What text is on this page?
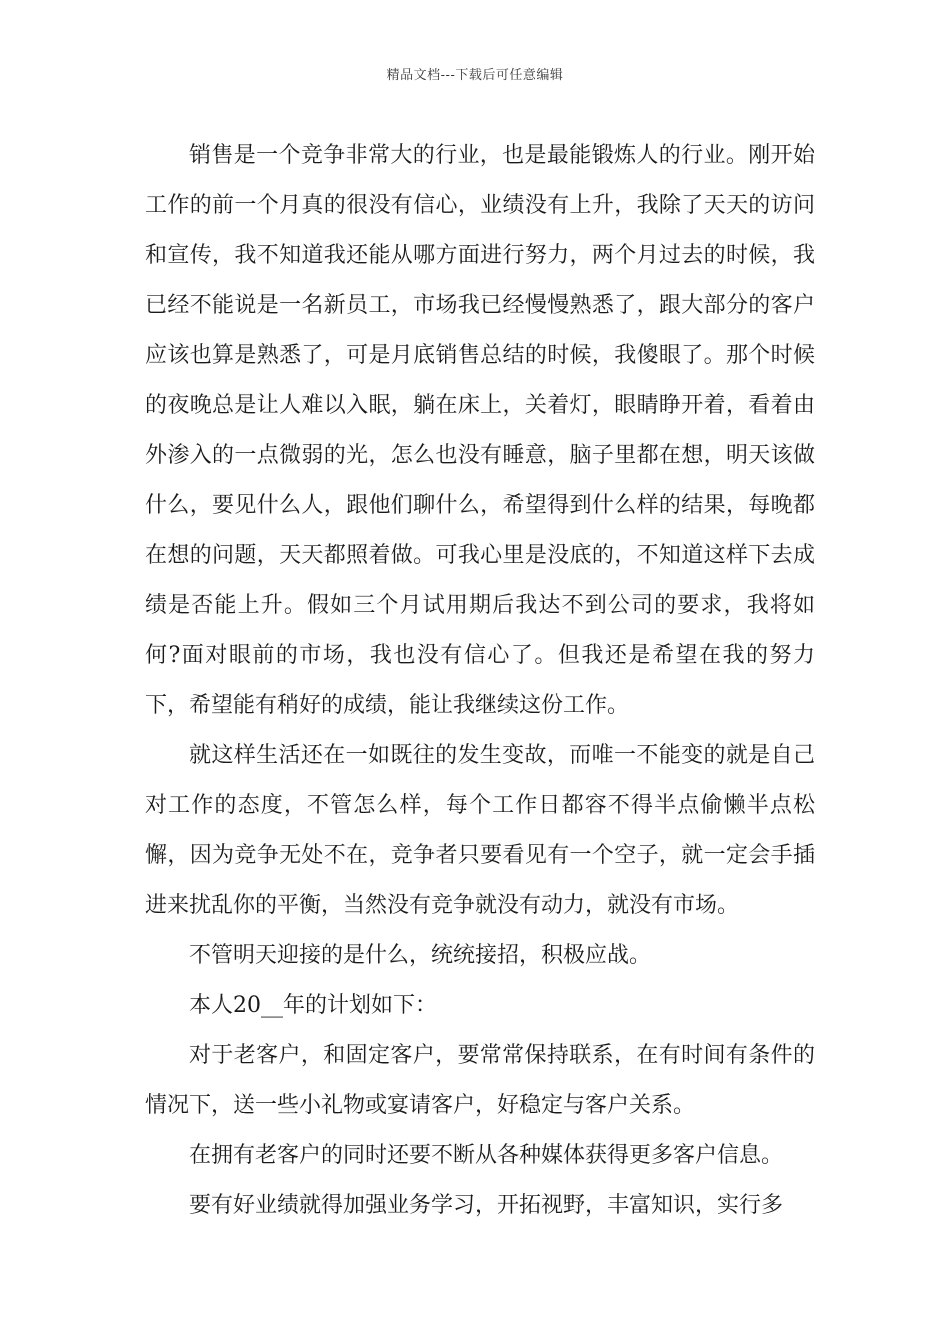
精品文档---下载后可任意编辑

销售是一个竞争非常大的行业，也是最能锻炼人的行业。刚开始工作的前一个月真的很没有信心，业绩没有上升，我除了天天的访问和宣传，我不知道我还能从哪方面进行努力，两个月过去的时候，我已经不能说是一名新员工，市场我已经慢慢熟悉了，跟大部分的客户应该也算是熟悉了，可是月底销售总结的时候，我傻眼了。那个时候的夜晚总是让人难以入眠，躺在床上，关着灯，眼睛睁开着，看着由外渗入的一点微弱的光，怎么也没有睡意，脑子里都在想，明天该做什么，要见什么人，跟他们聊什么，希望得到什么样的结果，每晚都在想的问题，天天都照着做。可我心里是没底的，不知道这样下去成绩是否能上升。假如三个月试用期后我达不到公司的要求，我将如何?面对眼前的市场，我也没有信心了。但我还是希望在我的努力下，希望能有稍好的成绩，能让我继续这份工作。

就这样生活还在一如既往的发生变故，而唯一不能变的就是自己对工作的态度，不管怎么样，每个工作日都容不得半点偷懒半点松懈，因为竞争无处不在，竞争者只要看见有一个空子，就一定会手插进来扰乱你的平衡，当然没有竞争就没有动力，就没有市场。

不管明天迎接的是什么，统统接招，积极应战。

本人20__年的计划如下：

对于老客户，和固定客户，要常常保持联系，在有时间有条件的情况下，送一些小礼物或宴请客户，好稳定与客户关系。

在拥有老客户的同时还要不断从各种媒体获得更多客户信息。

要有好业绩就得加强业务学习，开拓视野，丰富知识，实行多
